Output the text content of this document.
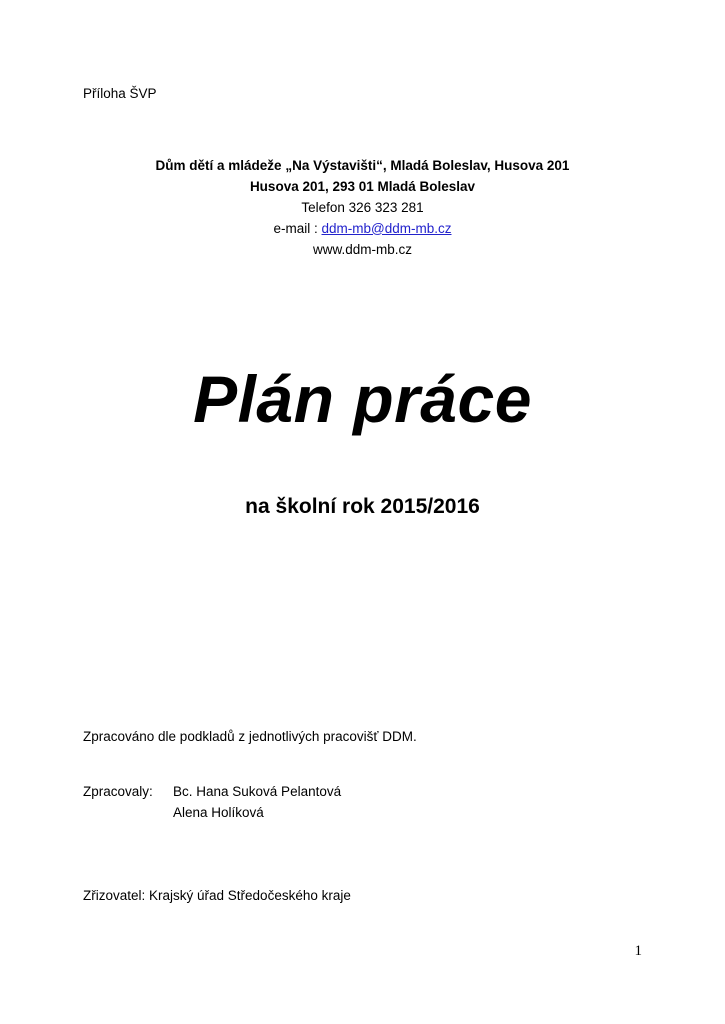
Příloha ŠVP
Dům dětí a mládeže „Na Výstavišti“, Mladá Boleslav, Husova 201
Husova 201, 293 01 Mladá Boleslav
Telefon 326 323 281
e-mail : ddm-mb@ddm-mb.cz
www.ddm-mb.cz
Plán práce
na školní rok 2015/2016
Zpracováno dle podkladů z jednotlivých pracovišť DDM.
Zpracovaly:	Bc. Hana Suková Pelantová
Alena Holíková
Zřizovatel: Krajský úřad Středočeského kraje
1
